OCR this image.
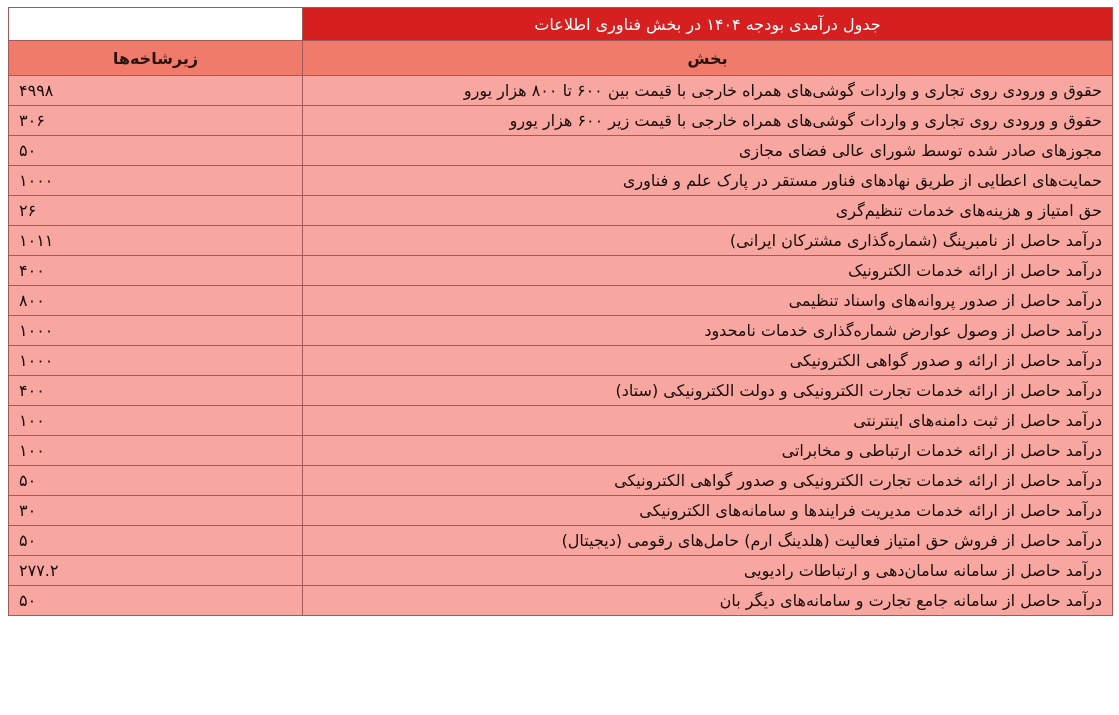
	جدول درآمدی بودجه ۱۴۰۴ در بخش فناوری اطلاعات
زیرشاخه‌ها	بخش
۴۹۹۸	حقوق و ورودی روی تجاری و واردات گوشی‌های همراه خارجی با قیمت بین ۶۰۰ تا ۸۰۰ هزار یورو
۳۰۶	حقوق و ورودی روی تجاری و واردات گوشی‌های همراه خارجی با قیمت زیر ۶۰۰ هزار یورو
۵۰	مجوزهای صادر شده توسط شورای عالی فضای مجازی
۱۰۰۰	حمایت‌های اعطایی از طریق نهادهای فناور مستقر در پارک علم و فناوری
۲۶	حق امتیاز و هزینه‌های خدمات تنظیم‌گری
۱۰۱۱	درآمد حاصل از نامبرینگ (شماره‌گذاری مشترکان ایرانی)
۴۰۰	درآمد حاصل از ارائه خدمات الکترونیک
۸۰۰	درآمد حاصل از صدور پروانه‌های واسناد تنظیمی
۱۰۰۰	درآمد حاصل از وصول عوارض شماره‌گذاری خدمات نامحدود
۱۰۰۰	درآمد حاصل از ارائه و صدور گواهی الکترونیکی
۴۰۰	درآمد حاصل از ارائه خدمات تجارت الکترونیکی و دولت الکترونیکی (ستاد)
۱۰۰	درآمد حاصل از ثبت دامنه‌های اینترنتی
۱۰۰	درآمد حاصل از ارائه خدمات ارتباطی و مخابراتی
۵۰	درآمد حاصل از ارائه خدمات تجارت الکترونیکی و صدور گواهی الکترونیکی
۳۰	درآمد حاصل از ارائه خدمات مدیریت فرایندها و سامانه‌های الکترونیکی
۵۰	درآمد حاصل از فروش حق امتیاز فعالیت (هلدینگ ارم) حامل‌های رقومی (دیجیتال)
۲۷۷.۲	درآمد حاصل از سامانه سامان‌دهی و ارتباطات رادیویی
۵۰	درآمد حاصل از سامانه جامع تجارت و سامانه‌های دیگر بان
